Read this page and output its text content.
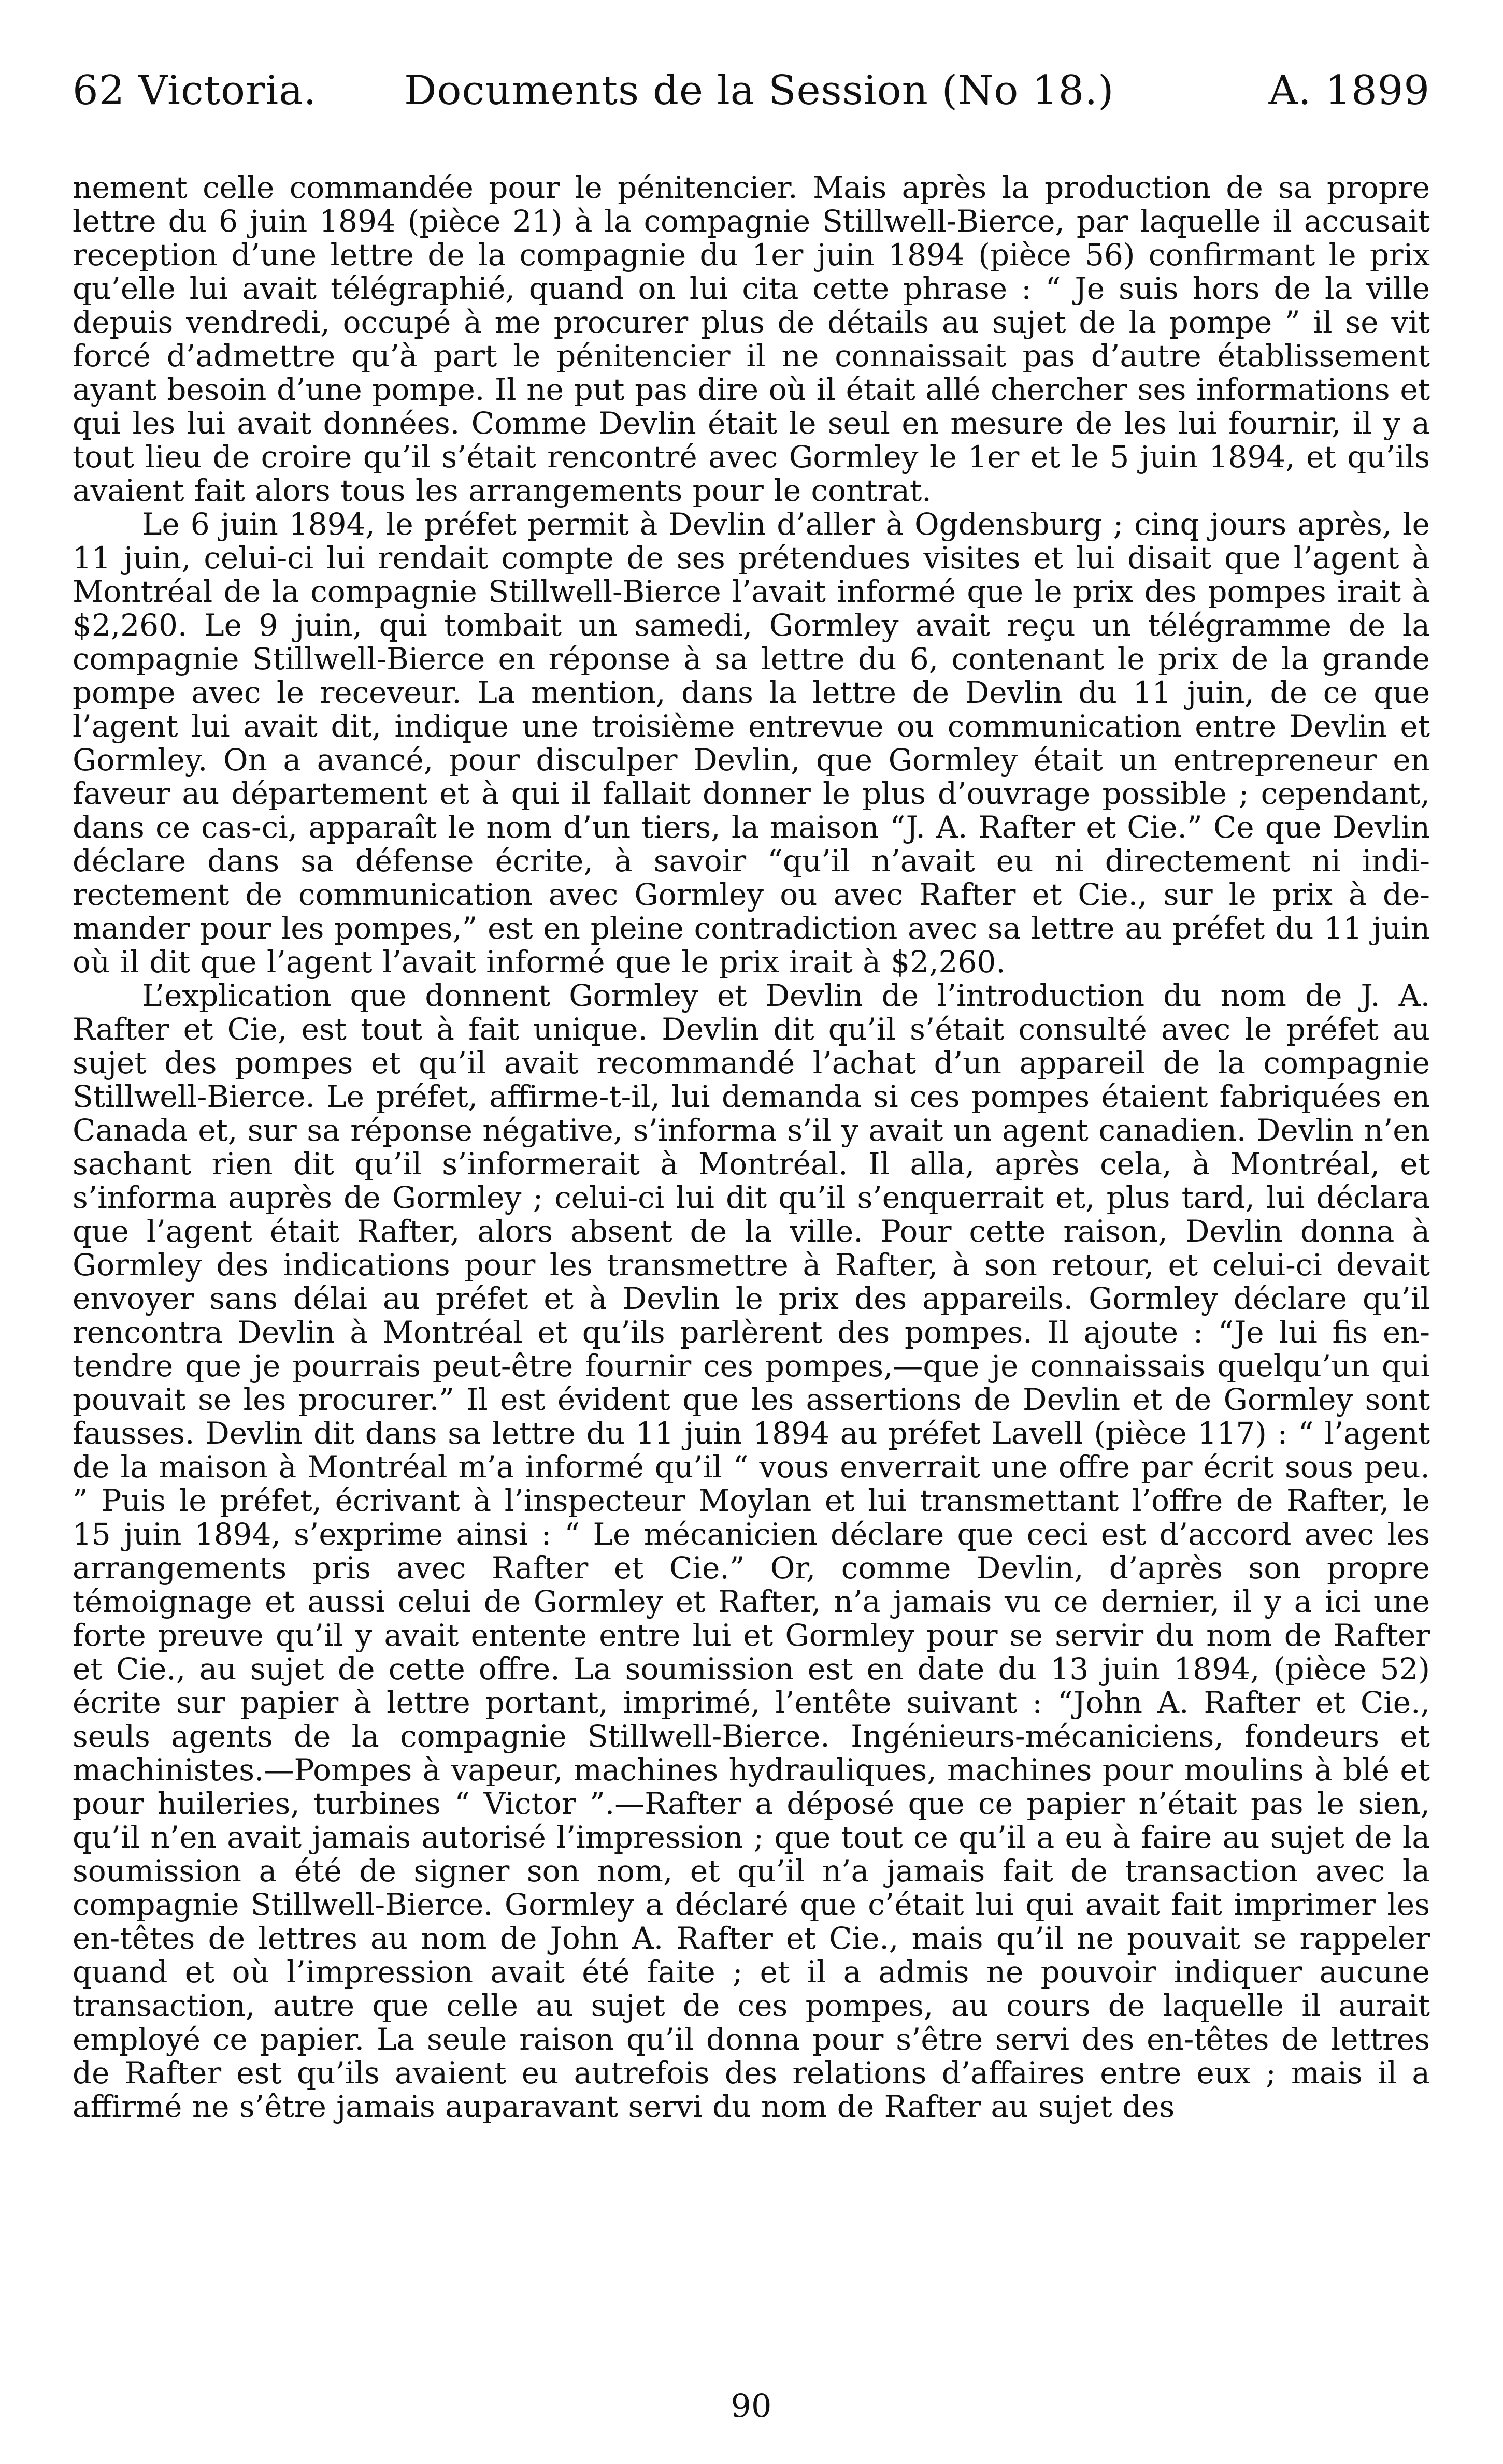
62 Victoria. Documents de la Session (No 18.)	A. 1899

nement celle commandée pour le pénitencier. Mais après la production de sa propre lettre du 6 juin 1894 (pièce 21) à la compagnie Stillwell-Bierce, par laquelle il accusait reception d’une lettre de la compagnie du 1er juin 1894 (pièce 56) confirmant le prix qu’elle lui avait télégraphié, quand on lui cita cette phrase : “ Je suis hors de la ville depuis vendredi, occupé à me procurer plus de détails au sujet de la pompe ” il se vit forcé d’admettre qu’à part le pénitencier il ne connaissait pas d’autre établissement ayant besoin d’une pompe. Il ne put pas dire où il était allé chercher ses informations et qui les lui avait données. Comme Devlin était le seul en mesure de les lui fournir, il y a tout lieu de croire qu’il s’était rencontré avec Gormley le 1er et le 5 juin 1894, et qu’ils avaient fait alors tous les arrangements pour le contrat.

Le 6 juin 1894, le préfet permit à Devlin d’aller à Ogdensburg ; cinq jours après, le 11 juin, celui-ci lui rendait compte de ses prétendues visites et lui disait que l’agent à Montréal de la compagnie Stillwell-Bierce l’avait informé que le prix des pompes irait à $2,260. Le 9 juin, qui tombait un samedi, Gormley avait reçu un télégramme de la compagnie Stillwell-Bierce en réponse à sa lettre du 6, contenant le prix de la grande pompe avec le receveur. La mention, dans la lettre de Devlin du 11 juin, de ce que l’agent lui avait dit, indique une troisième entrevue ou communication entre Devlin et Gormley. On a avancé, pour disculper Devlin, que Gormley était un entrepreneur en faveur au département et à qui il fallait donner le plus d’ouvrage possible ; cependant, dans ce cas-ci, apparaît le nom d’un tiers, la maison “J. A. Rafter et Cie.” Ce que Devlin déclare dans sa défense écrite, à savoir “qu’il n’avait eu ni directement ni indi-rectement de communication avec Gormley ou avec Rafter et Cie., sur le prix à de-mander pour les pompes,” est en pleine contradiction avec sa lettre au préfet du 11 juin où il dit que l’agent l’avait informé que le prix irait à $2,260.

L’explication que donnent Gormley et Devlin de l’introduction du nom de J. A. Rafter et Cie, est tout à fait unique. Devlin dit qu’il s’était consulté avec le préfet au sujet des pompes et qu’il avait recommandé l’achat d’un appareil de la compagnie Stillwell-Bierce. Le préfet, affirme-t-il, lui demanda si ces pompes étaient fabriquées en Canada et, sur sa réponse négative, s’informa s’il y avait un agent canadien. Devlin n’en sachant rien dit qu’il s’informerait à Montréal. Il alla, après cela, à Montréal, et s’informa auprès de Gormley ; celui-ci lui dit qu’il s’enquerrait et, plus tard, lui déclara que l’agent était Rafter, alors absent de la ville. Pour cette raison, Devlin donna à Gormley des indications pour les transmettre à Rafter, à son retour, et celui-ci devait envoyer sans délai au préfet et à Devlin le prix des appareils. Gormley déclare qu’il rencontra Devlin à Montréal et qu’ils parlèrent des pompes. Il ajoute : “Je lui fis en-tendre que je pourrais peut-être fournir ces pompes,—que je connaissais quelqu’un qui pouvait se les procurer.” Il est évident que les assertions de Devlin et de Gormley sont fausses. Devlin dit dans sa lettre du 11 juin 1894 au préfet Lavell (pièce 117) : “ l’agent de la maison à Montréal m’a informé qu’il “ vous enverrait une offre par écrit sous peu. ” Puis le préfet, écrivant à l’inspecteur Moylan et lui transmettant l’offre de Rafter, le 15 juin 1894, s’exprime ainsi : “ Le mécanicien déclare que ceci est d’accord avec les arrangements pris avec Rafter et Cie.” Or, comme Devlin, d’après son propre témoignage et aussi celui de Gormley et Rafter, n’a jamais vu ce dernier, il y a ici une forte preuve qu’il y avait entente entre lui et Gormley pour se servir du nom de Rafter et Cie., au sujet de cette offre. La soumission est en date du 13 juin 1894, (pièce 52) écrite sur papier à lettre portant, imprimé, l’entête suivant : “John A. Rafter et Cie., seuls agents de la compagnie Stillwell-Bierce. Ingénieurs-mécaniciens, fondeurs et machinistes.—Pompes à vapeur, machines hydrauliques, machines pour moulins à blé et pour huileries, turbines “ Victor ”.—Rafter a déposé que ce papier n’était pas le sien, qu’il n’en avait jamais autorisé l’impression ; que tout ce qu’il a eu à faire au sujet de la soumission a été de signer son nom, et qu’il n’a jamais fait de transaction avec la compagnie Stillwell-Bierce. Gormley a déclaré que c’était lui qui avait fait imprimer les en-têtes de lettres au nom de John A. Rafter et Cie., mais qu’il ne pouvait se rappeler quand et où l’impression avait été faite ; et il a admis ne pouvoir indiquer aucune transaction, autre que celle au sujet de ces pompes, au cours de laquelle il aurait employé ce papier. La seule raison qu’il donna pour s’être servi des en-têtes de lettres de Rafter est qu’ils avaient eu autrefois des relations d’affaires entre eux ; mais il a affirmé ne s’être jamais auparavant servi du nom de Rafter au sujet des

90
